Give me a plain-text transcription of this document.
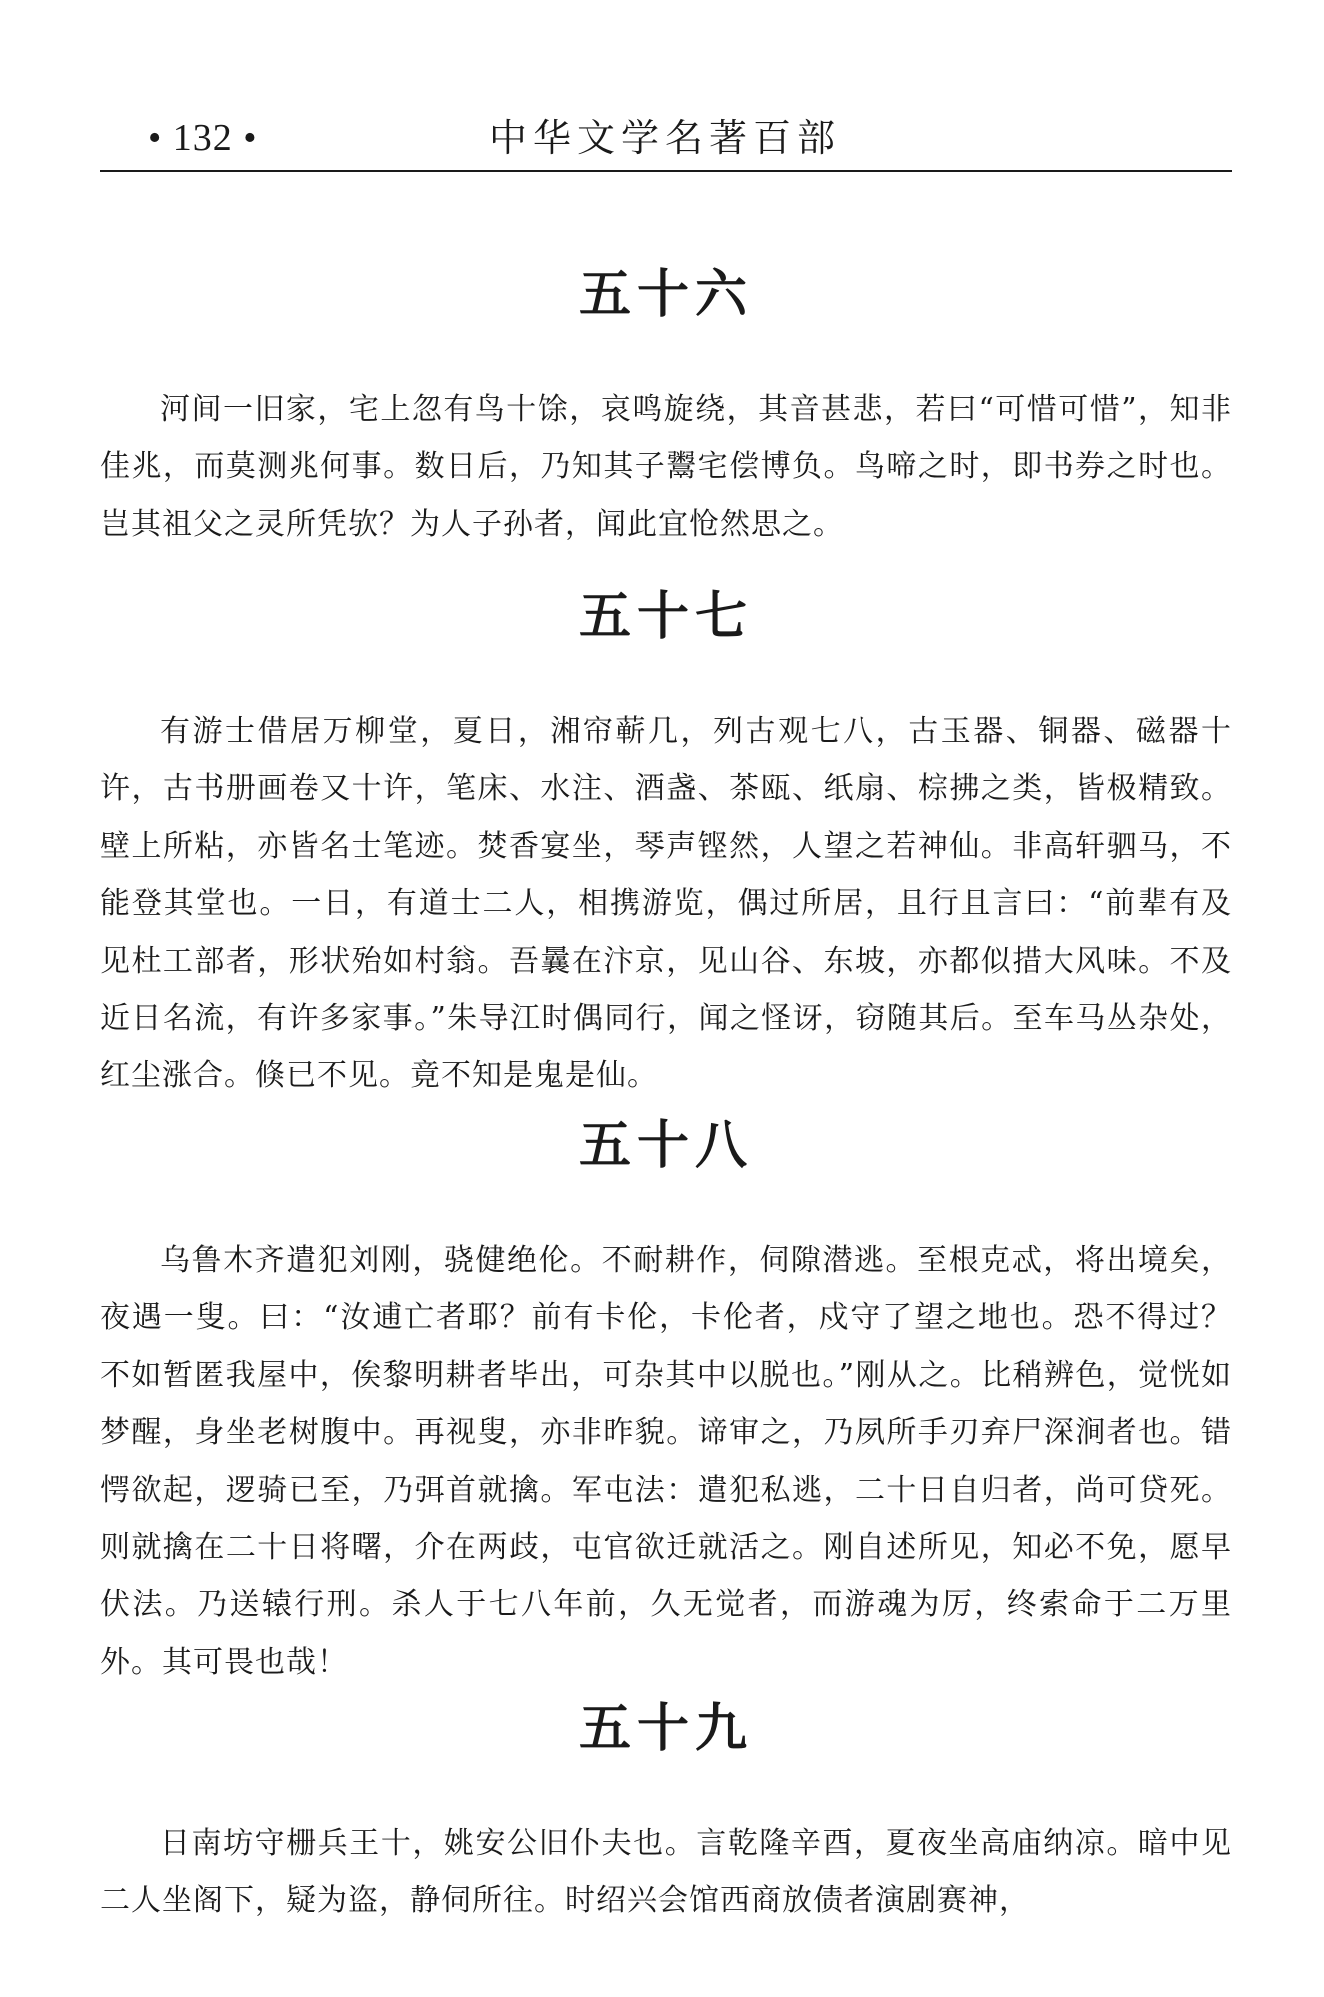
• 132 •	中华文学名著百部
五十六

河间一旧家，宅上忽有鸟十馀，哀鸣旋绕，其音甚悲，若曰“可惜可惜”，知非佳兆，而莫测兆何事。数日后，乃知其子鬻宅偿博负。鸟啼之时，即书券之时也。岂其祖父之灵所凭欤？为人子孙者，闻此宜怆然思之。

五十七

有游士借居万柳堂，夏日，湘帘蕲几，列古观七八，古玉器、铜器、磁器十许，古书册画卷又十许，笔床、水注、酒盏、茶瓯、纸扇、棕拂之类，皆极精致。壁上所粘，亦皆名士笔迹。焚香宴坐，琴声铿然，人望之若神仙。非高轩驷马，不能登其堂也。一日，有道士二人，相携游览，偶过所居，且行且言曰：“前辈有及见杜工部者，形状殆如村翁。吾曩在汴京，见山谷、东坡，亦都似措大风味。不及近日名流，有许多家事。”朱导江时偶同行，闻之怪讶，窃随其后。至车马丛杂处，红尘涨合。倏已不见。竟不知是鬼是仙。

五十八

乌鲁木齐遣犯刘刚，骁健绝伦。不耐耕作，伺隙潜逃。至根克忒，将出境矣，夜遇一叟。曰：“汝逋亡者耶？前有卡伦，卡伦者，戍守了望之地也。恐不得过？不如暂匿我屋中，俟黎明耕者毕出，可杂其中以脱也。”刚从之。比稍辨色，觉恍如梦醒，身坐老树腹中。再视叟，亦非昨貌。谛审之，乃夙所手刃弃尸深涧者也。错愕欲起，逻骑已至，乃弭首就擒。军屯法：遣犯私逃，二十日自归者，尚可贷死。则就擒在二十日将曙，介在两歧，屯官欲迁就活之。刚自述所见，知必不免，愿早伏法。乃送辕行刑。杀人于七八年前，久无觉者，而游魂为厉，终索命于二万里外。其可畏也哉！

五十九

日南坊守栅兵王十，姚安公旧仆夫也。言乾隆辛酉，夏夜坐高庙纳凉。暗中见二人坐阁下，疑为盗，静伺所往。时绍兴会馆西商放债者演剧赛神，
